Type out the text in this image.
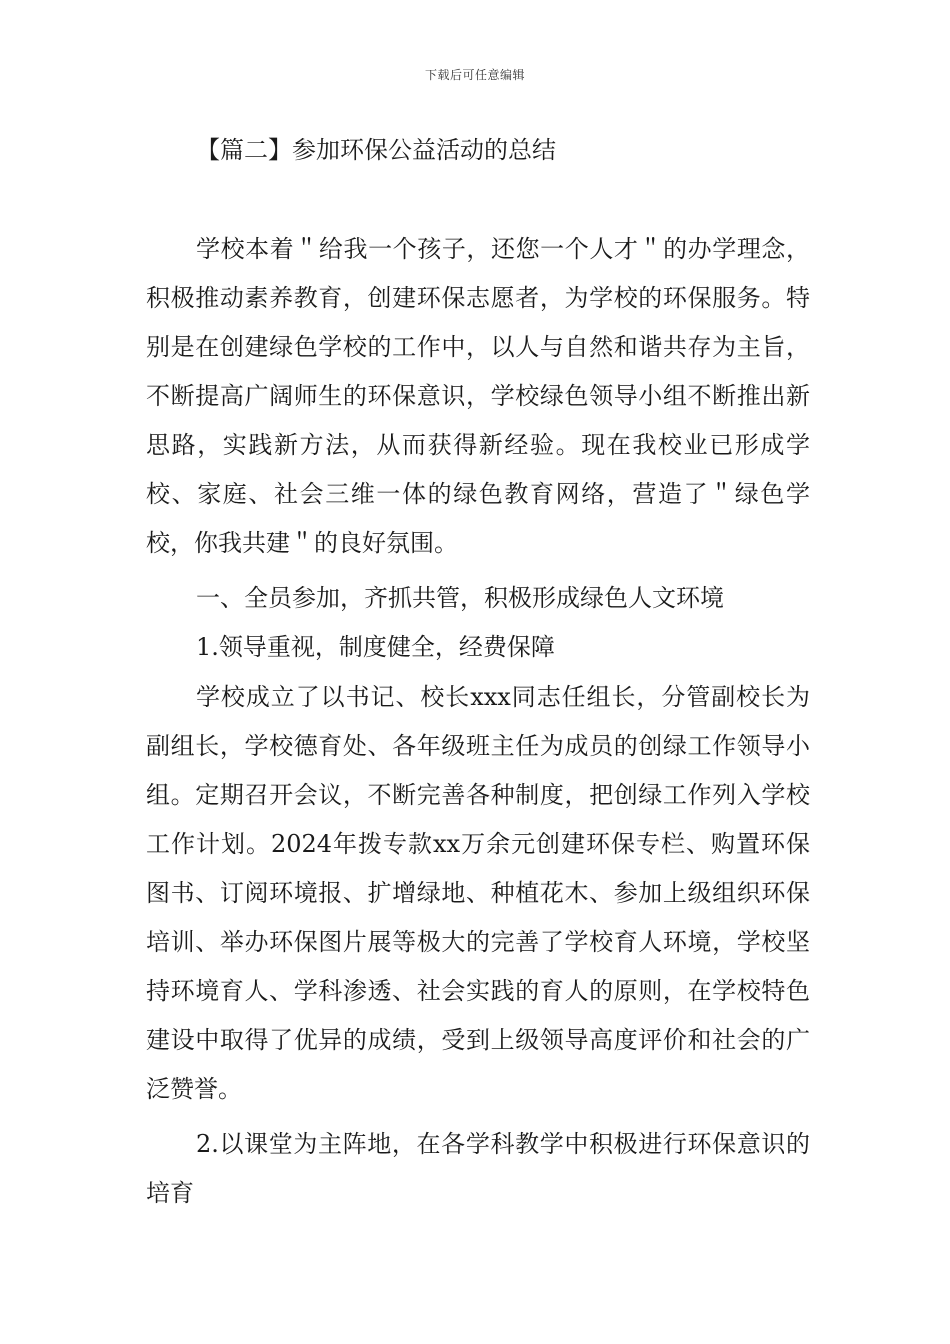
下载后可任意编辑
【篇二】参加环保公益活动的总结

学校本着＂给我一个孩子，还您一个人才＂的办学理念，积极推动素养教育，创建环保志愿者，为学校的环保服务。特别是在创建绿色学校的工作中，以人与自然和谐共存为主旨，不断提高广阔师生的环保意识，学校绿色领导小组不断推出新思路，实践新方法，从而获得新经验。现在我校业已形成学校、家庭、社会三维一体的绿色教育网络，营造了＂绿色学校，你我共建＂的良好氛围。

一、全员参加，齐抓共管，积极形成绿色人文环境

1.领导重视，制度健全，经费保障

学校成立了以书记、校长xxx同志任组长，分管副校长为副组长，学校德育处、各年级班主任为成员的创绿工作领导小组。定期召开会议，不断完善各种制度，把创绿工作列入学校工作计划。2024年拨专款xx万余元创建环保专栏、购置环保图书、订阅环境报、扩增绿地、种植花木、参加上级组织环保培训、举办环保图片展等极大的完善了学校育人环境，学校坚持环境育人、学科渗透、社会实践的育人的原则，在学校特色建设中取得了优异的成绩，受到上级领导高度评价和社会的广泛赞誉。

2.以课堂为主阵地，在各学科教学中积极进行环保意识的培育
